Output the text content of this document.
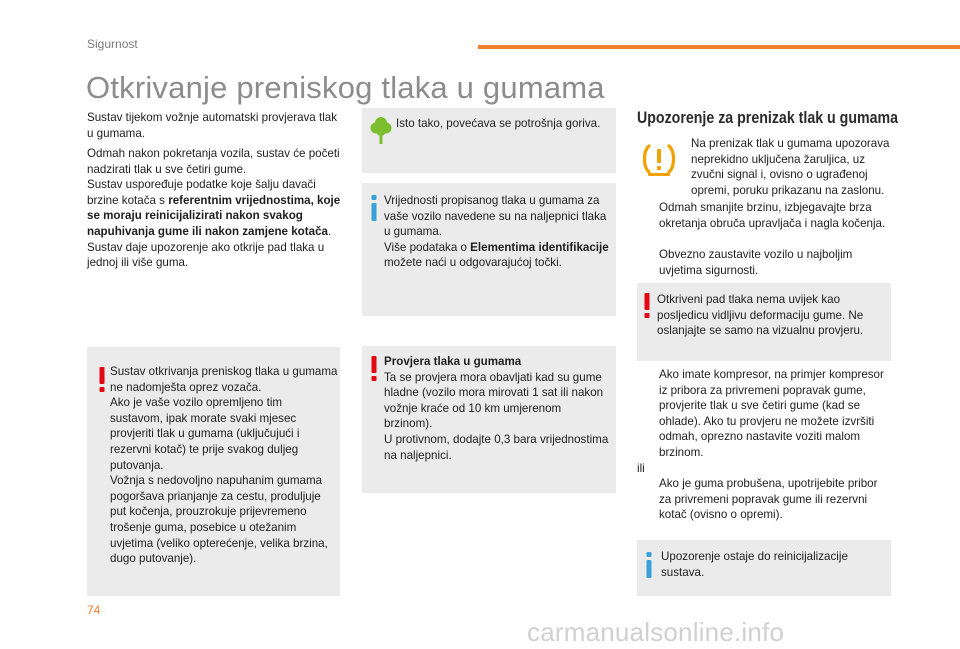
Sigurnost
Otkrivanje preniskog tlaka u gumama

Sustav tijekom vožnje automatski provjerava tlak u gumama.

Odmah nakon pokretanja vozila, sustav će početi nadzirati tlak u sve četiri gume.

Sustav uspoređuje podatke koje šalju davači brzine kotača s referentnim vrijednostima, koje se moraju reinicijalizirati nakon svakog napuhivanja gume ili nakon zamjene kotača.

Sustav daje upozorenje ako otkrije pad tlaka u jednoj ili više guma.

Sustav otkrivanja preniskog tlaka u gumama ne nadomješta oprez vozača.

Ako je vaše vozilo opremljeno tim sustavom, ipak morate svaki mjesec provjeriti tlak u gumama (uključujući i rezervni kotač) te prije svakog duljeg putovanja.

Vožnja s nedovoljno napuhanim gumama pogoršava prianjanje za cestu, produljuje put kočenja, prouzrokuje prijevremeno trošenje guma, posebice u otežanim uvjetima (veliko opterećenje, velika brzina, dugo putovanje).

Isto tako, povećava se potrošnja goriva.

Vrijednosti propisanog tlaka u gumama za vaše vozilo navedene su na naljepnici tlaka u gumama.

Više podataka o Elementima identifikacije možete naći u odgovarajućoj točki.

Provjera tlaka u gumama

Ta se provjera mora obavljati kad su gume hladne (vozilo mora mirovati 1 sat ili nakon vožnje kraće od 10 km umjerenom brzinom).

U protivnom, dodajte 0,3 bara vrijednostima na naljepnici.

Upozorenje za prenizak tlak u gumama
Na prenizak tlak u gumama upozorava neprekidno uključena žaruljica, uz zvučni signal i, ovisno o ugrađenoj opremi, poruku prikazanu na zaslonu.
Odmah smanjite brzinu, izbjegavajte brza okretanja obruča upravljača i nagla kočenja.
Obvezno zaustavite vozilo u najboljim uvjetima sigurnosti.
Otkriveni pad tlaka nema uvijek kao posljedicu vidljivu deformaciju gume. Ne oslanjajte se samo na vizualnu provjeru.
Ako imate kompresor, na primjer kompresor iz pribora za privremeni popravak gume, provjerite tlak u sve četiri gume (kad se ohlade). Ako tu provjeru ne možete izvršiti odmah, oprezno nastavite voziti malom brzinom.
ili
Ako je guma probušena, upotrijebite pribor za privremeni popravak gume ili rezervni kotač (ovisno o opremi).
Upozorenje ostaje do reinicijalizacije sustava.
74
carmanualsonline.info
